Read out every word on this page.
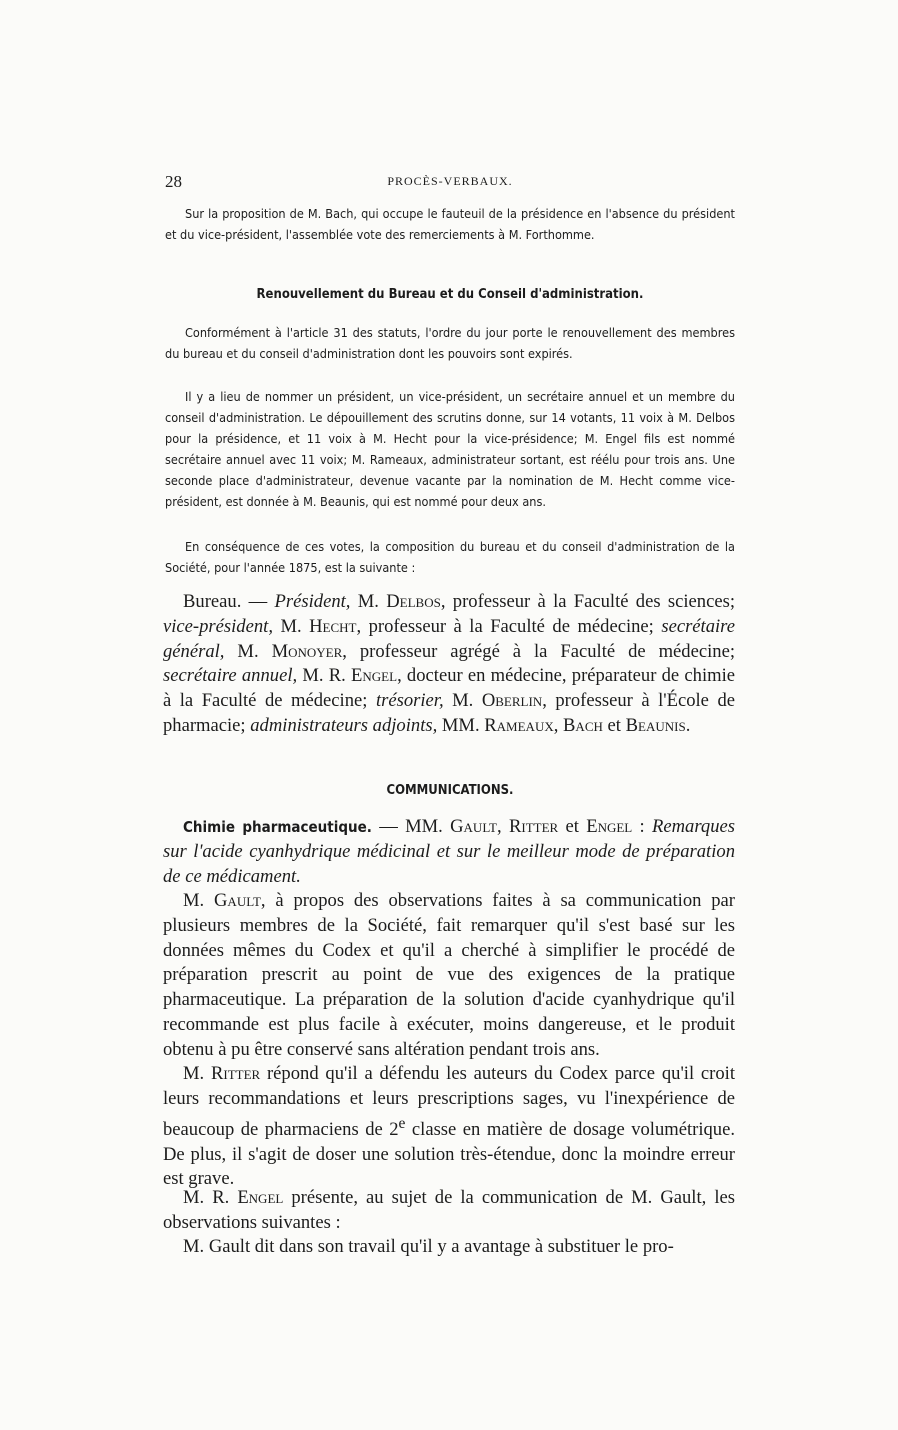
28	PROCÈS-VERBAUX.

Sur la proposition de M. Bach, qui occupe le fauteuil de la présidence en l'absence du président et du vice-président, l'assemblée vote des remerciements à M. Forthomme.

Renouvellement du Bureau et du Conseil d'administration.

Conformément à l'article 31 des statuts, l'ordre du jour porte le renouvellement des membres du bureau et du conseil d'administration dont les pouvoirs sont expirés.

Il y a lieu de nommer un président, un vice-président, un secrétaire annuel et un membre du conseil d'administration. Le dépouillement des scrutins donne, sur 14 votants, 11 voix à M. Delbos pour la présidence, et 11 voix à M. Hecht pour la vice-présidence; M. Engel fils est nommé secrétaire annuel avec 11 voix; M. Rameaux, administrateur sortant, est réélu pour trois ans. Une seconde place d'administrateur, devenue vacante par la nomination de M. Hecht comme vice-président, est donnée à M. Beaunis, qui est nommé pour deux ans.

En conséquence de ces votes, la composition du bureau et du conseil d'administration de la Société, pour l'année 1875, est la suivante :

Bureau. — Président, M. Delbos, professeur à la Faculté des sciences; vice-président, M. Hecht, professeur à la Faculté de médecine; secrétaire général, M. Monoyer, professeur agrégé à la Faculté de médecine; secrétaire annuel, M. R. Engel, docteur en médecine, préparateur de chimie à la Faculté de médecine; trésorier, M. Oberlin, professeur à l'École de pharmacie; administrateurs adjoints, MM. Rameaux, Bach et Beaunis.

COMMUNICATIONS.

Chimie pharmaceutique. — MM. Gault, Ritter et Engel : Remarques sur l'acide cyanhydrique médicinal et sur le meilleur mode de préparation de ce médicament.

M. Gault, à propos des observations faites à sa communication par plusieurs membres de la Société, fait remarquer qu'il s'est basé sur les données mêmes du Codex et qu'il a cherché à simplifier le procédé de préparation prescrit au point de vue des exigences de la pratique pharmaceutique. La préparation de la solution d'acide cyanhydrique qu'il recommande est plus facile à exécuter, moins dangereuse, et le produit obtenu à pu être conservé sans altération pendant trois ans.

M. Ritter répond qu'il a défendu les auteurs du Codex parce qu'il croit leurs recommandations et leurs prescriptions sages, vu l'inexpérience de beaucoup de pharmaciens de 2e classe en matière de dosage volumétrique. De plus, il s'agit de doser une solution très-étendue, donc la moindre erreur est grave.

M. R. Engel présente, au sujet de la communication de M. Gault, les observations suivantes :

M. Gault dit dans son travail qu'il y a avantage à substituer le pro-
